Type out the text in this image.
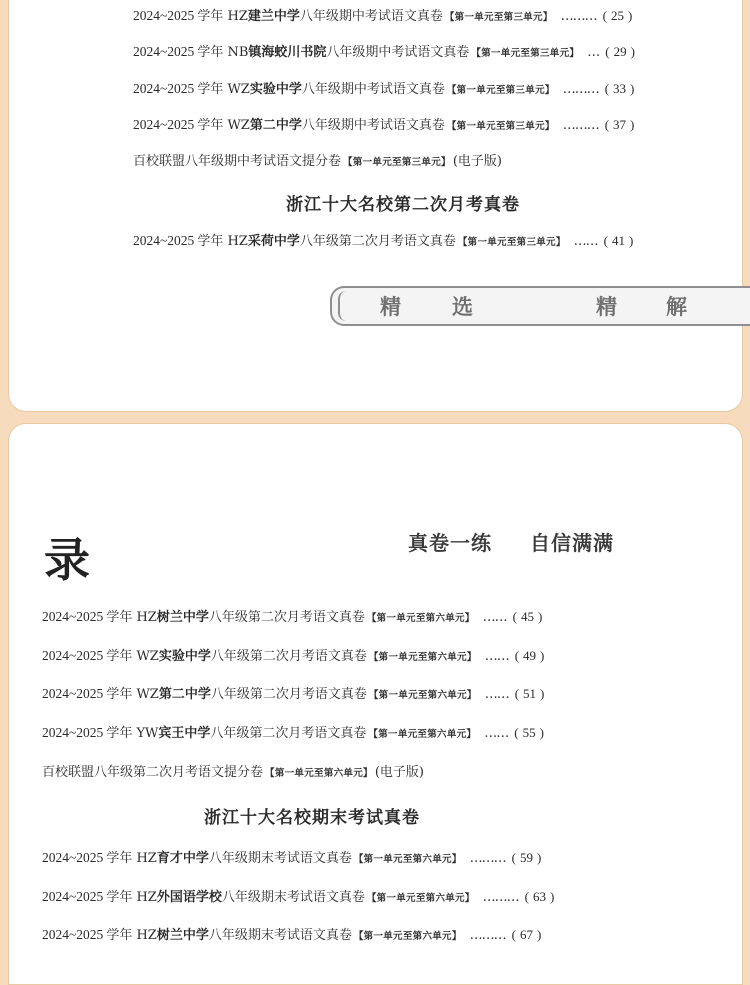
2024~2025 学年 HZ 建兰中学 八年级期中考试语文真卷 【第一单元至第三单元】 ……… ( 25 )
2024~2025 学年 NB 镇海蛟川书院 八年级期中考试语文真卷 【第一单元至第三单元】 … ( 29 )
2024~2025 学年 WZ 实验中学 八年级期中考试语文真卷 【第一单元至第三单元】 ……… ( 33 )
2024~2025 学年 WZ 第二中学 八年级期中考试语文真卷 【第一单元至第三单元】 ……… ( 37 )
百校联盟八年级期中考试语文提分卷 【第一单元至第三单元】 (电子版)
浙江十大名校第二次月考真卷
2024~2025 学年 HZ 采荷中学 八年级第二次月考语文真卷 【第一单元至第三单元】 …… ( 41 )
精 选	精 解
录	真卷一练 自信满满
2024~2025 学年 HZ 树兰中学 八年级第二次月考语文真卷 【第一单元至第六单元】 …… ( 45 )
2024~2025 学年 WZ 实验中学 八年级第二次月考语文真卷 【第一单元至第六单元】 …… ( 49 )
2024~2025 学年 WZ 第二中学 八年级第二次月考语文真卷 【第一单元至第六单元】 …… ( 51 )
2024~2025 学年 YW 宾王中学 八年级第二次月考语文真卷 【第一单元至第六单元】 …… ( 55 )
百校联盟八年级第二次月考语文提分卷 【第一单元至第六单元】 (电子版)
浙江十大名校期末考试真卷
2024~2025 学年 HZ 育才中学 八年级期末考试语文真卷 【第一单元至第六单元】 ……… ( 59 )
2024~2025 学年 HZ 外国语学校 八年级期末考试语文真卷 【第一单元至第六单元】 ……… ( 63 )
2024~2025 学年 HZ 树兰中学 八年级期末考试语文真卷 【第一单元至第六单元】 ……… ( 67 )
